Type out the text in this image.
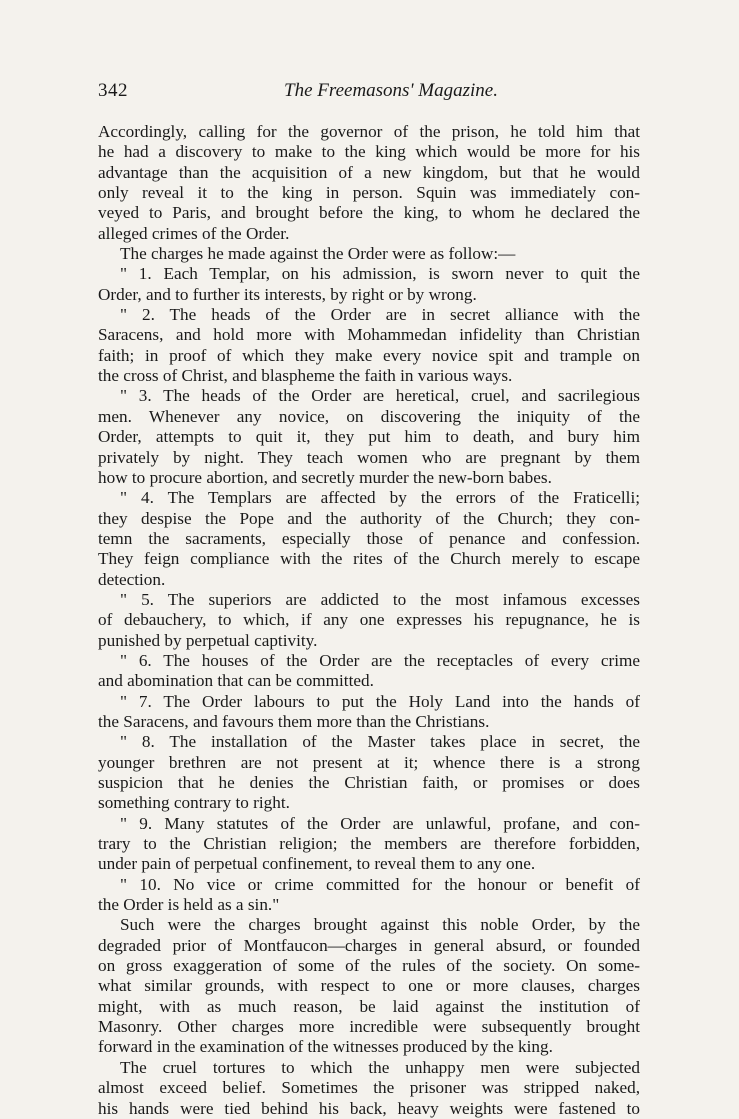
342	The Freemasons' Magazine.
Accordingly, calling for the governor of the prison, he told him that
he had a discovery to make to the king which would be more for his
advantage than the acquisition of a new kingdom, but that he would
only reveal it to the king in person. Squin was immediately con-
veyed to Paris, and brought before the king, to whom he declared the
alleged crimes of the Order.
The charges he made against the Order were as follow:—
" 1. Each Templar, on his admission, is sworn never to quit the
Order, and to further its interests, by right or by wrong.
" 2. The heads of the Order are in secret alliance with the
Saracens, and hold more with Mohammedan infidelity than Christian
faith; in proof of which they make every novice spit and trample on
the cross of Christ, and blaspheme the faith in various ways.
" 3. The heads of the Order are heretical, cruel, and sacrilegious
men. Whenever any novice, on discovering the iniquity of the
Order, attempts to quit it, they put him to death, and bury him
privately by night. They teach women who are pregnant by them
how to procure abortion, and secretly murder the new-born babes.
" 4. The Templars are affected by the errors of the Fraticelli;
they despise the Pope and the authority of the Church; they con-
temn the sacraments, especially those of penance and confession.
They feign compliance with the rites of the Church merely to escape
detection.
" 5. The superiors are addicted to the most infamous excesses
of debauchery, to which, if any one expresses his repugnance, he is
punished by perpetual captivity.
" 6. The houses of the Order are the receptacles of every crime
and abomination that can be committed.
" 7. The Order labours to put the Holy Land into the hands of
the Saracens, and favours them more than the Christians.
" 8. The installation of the Master takes place in secret, the
younger brethren are not present at it; whence there is a strong
suspicion that he denies the Christian faith, or promises or does
something contrary to right.
" 9. Many statutes of the Order are unlawful, profane, and con-
trary to the Christian religion; the members are therefore forbidden,
under pain of perpetual confinement, to reveal them to any one.
" 10. No vice or crime committed for the honour or benefit of
the Order is held as a sin."
Such were the charges brought against this noble Order, by the
degraded prior of Montfaucon—charges in general absurd, or founded
on gross exaggeration of some of the rules of the society. On some-
what similar grounds, with respect to one or more clauses, charges
might, with as much reason, be laid against the institution of
Masonry. Other charges more incredible were subsequently brought
forward in the examination of the witnesses produced by the king.
The cruel tortures to which the unhappy men were subjected
almost exceed belief. Sometimes the prisoner was stripped naked,
his hands were tied behind his back, heavy weights were fastened to
